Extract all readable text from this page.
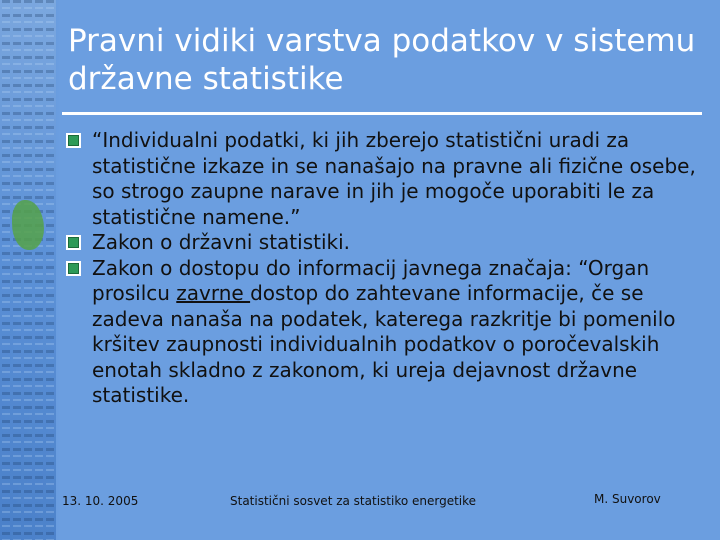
Pravni vidiki varstva podatkov v sistemu državne statistike
“Individualni podatki, ki jih zberejo statistični uradi za statistične izkaze in se nanašajo na pravne ali fizične osebe, so strogo zaupne narave in jih je mogoče uporabiti le za statistične namene.”
Zakon o državni statistiki.
Zakon o dostopu do informacij javnega značaja: “Organ prosilcu zavrne dostop do zahtevane informacije, če se zadeva nanaša na podatek, katerega razkritje bi pomenilo kršitev zaupnosti individualnih podatkov o poročevalskih enotah skladno z zakonom, ki ureja dejavnost državne statistike.
13. 10. 2005	Statistični sosvet za statistiko energetike	M. Suvorov
